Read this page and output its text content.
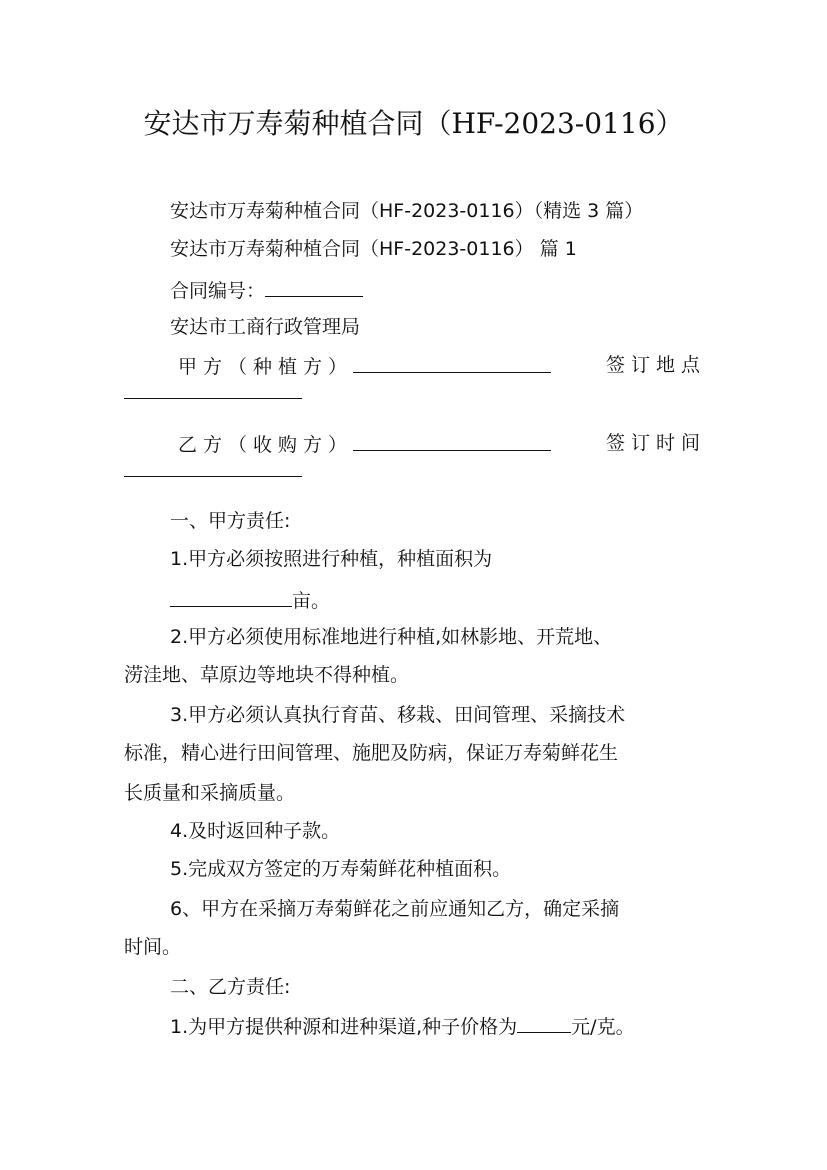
安达市万寿菊种植合同（HF-2023-0116）

安达市万寿菊种植合同（HF-2023-0116）（精选 3 篇）

安达市万寿菊种植合同（HF-2023-0116） 篇 1

合同编号：

安达市工商行政管理局

甲方（种植方）	签订地点

乙方（收购方）	签订时间

一、甲方责任:

1.甲方必须按照进行种植，种植面积为

亩。

2.甲方必须使用标准地进行种植,如林影地、开荒地、

涝洼地、草原边等地块不得种植。

3.甲方必须认真执行育苗、移栽、田间管理、采摘技术

标准，精心进行田间管理、施肥及防病，保证万寿菊鲜花生

长质量和采摘质量。

4.及时返回种子款。

5.完成双方签定的万寿菊鲜花种植面积。

6、甲方在采摘万寿菊鲜花之前应通知乙方，确定采摘

时间。

二、乙方责任:

1.为甲方提供种源和进种渠道,种子价格为	元/克。
